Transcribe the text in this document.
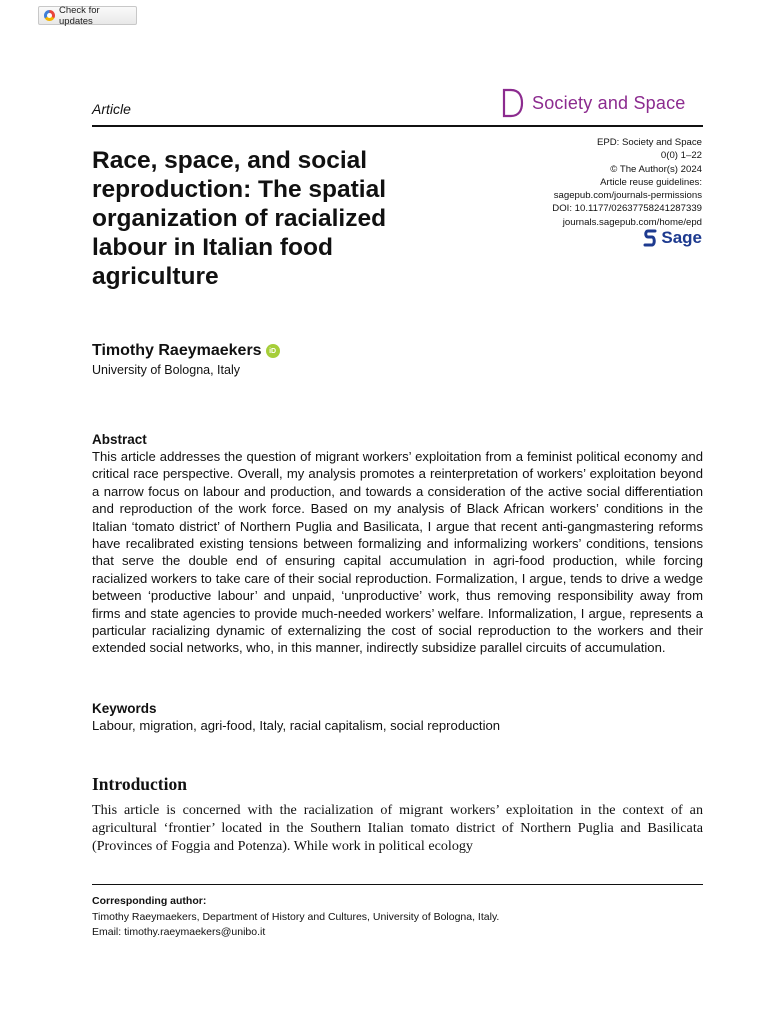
Check for updates
Article	Society and Space
Race, space, and social reproduction: The spatial organization of racialized labour in Italian food agriculture
EPD: Society and Space
0(0) 1–22
© The Author(s) 2024
Article reuse guidelines:
sagepub.com/journals-permissions
DOI: 10.1177/02637758241287339
journals.sagepub.com/home/epd
Sage
Timothy Raeymaekers	iD
University of Bologna, Italy
Abstract

This article addresses the question of migrant workers’ exploitation from a feminist political economy and critical race perspective. Overall, my analysis promotes a reinterpretation of workers’ exploitation beyond a narrow focus on labour and production, and towards a consideration of the active social differentiation and reproduction of the work force. Based on my analysis of Black African workers’ conditions in the Italian ‘tomato district’ of Northern Puglia and Basilicata, I argue that recent anti-gangmastering reforms have recalibrated existing tensions between formalizing and informalizing workers’ conditions, tensions that serve the double end of ensuring capital accumulation in agri-food production, while forcing racialized workers to take care of their social reproduction. Formalization, I argue, tends to drive a wedge between ‘productive labour’ and unpaid, ‘unproductive’ work, thus removing responsibility away from firms and state agencies to provide much-needed workers’ welfare. Informalization, I argue, represents a particular racializing dynamic of externalizing the cost of social reproduction to the workers and their extended social networks, who, in this manner, indirectly subsidize parallel circuits of accumulation.

Keywords
Labour, migration, agri-food, Italy, racial capitalism, social reproduction
Introduction

This article is concerned with the racialization of migrant workers’ exploitation in the context of an agricultural ‘frontier’ located in the Southern Italian tomato district of Northern Puglia and Basilicata (Provinces of Foggia and Potenza). While work in political ecology

Corresponding author:
Timothy Raeymaekers, Department of History and Cultures, University of Bologna, Italy.
Email: timothy.raeymaekers@unibo.it
